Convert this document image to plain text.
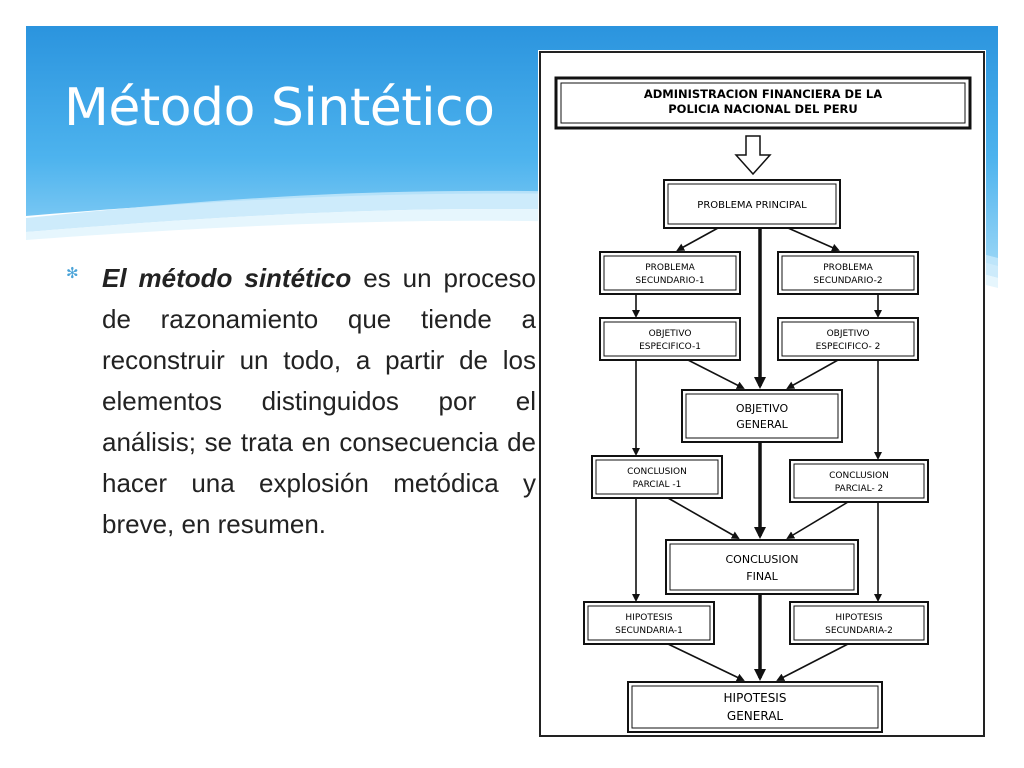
Método Sintético
✻ El método sintético es un proceso de razonamiento que tiende a reconstruir un todo, a partir de los elementos distinguidos por el análisis; se trata en consecuencia de hacer una explosión metódica y breve, en resumen.

ADMINISTRACION FINANCIERA DE LA
POLICIA NACIONAL DEL PERU
PROBLEMA PRINCIPAL
PROBLEMA
SECUNDARIO-1
PROBLEMA
SECUNDARIO-2
OBJETIVO
ESPECIFICO-1
OBJETIVO
ESPECIFICO- 2
OBJETIVO
GENERAL
CONCLUSION
PARCIAL -1
CONCLUSION
PARCIAL- 2
CONCLUSION
FINAL
HIPOTESIS
SECUNDARIA-1
HIPOTESIS
SECUNDARIA-2
HIPOTESIS
GENERAL
